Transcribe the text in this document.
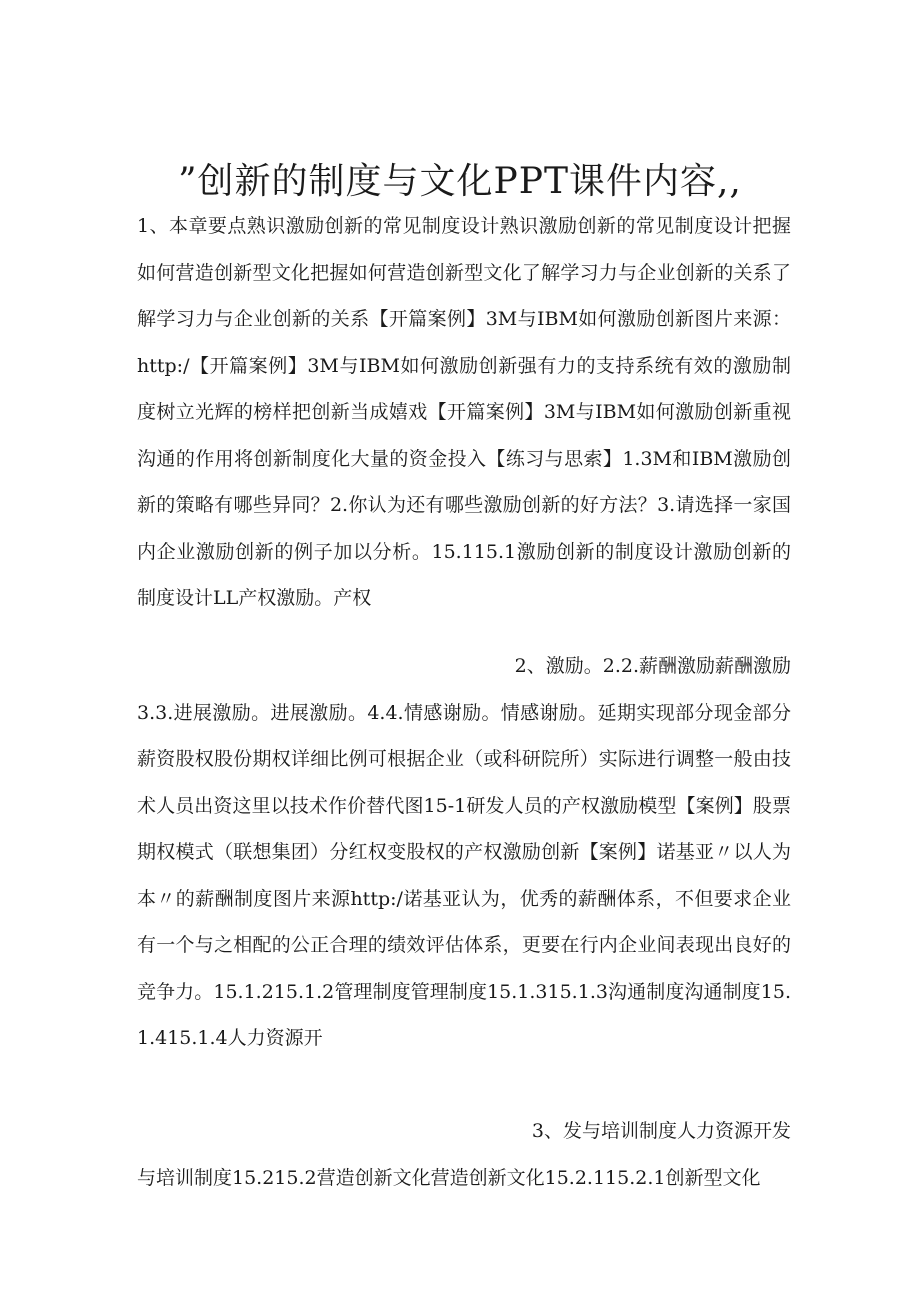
”创新的制度与文化PPT课件内容,,
1、本章要点熟识激励创新的常见制度设计熟识激励创新的常见制度设计把握如何营造创新型文化把握如何营造创新型文化了解学习力与企业创新的关系了解学习力与企业创新的关系【开篇案例】3M与IBM如何激励创新图片来源：http:/【开篇案例】3M与IBM如何激励创新强有力的支持系统有效的激励制度树立光辉的榜样把创新当成嬉戏【开篇案例】3M与IBM如何激励创新重视沟通的作用将创新制度化大量的资金投入【练习与思索】1.3M和IBM激励创新的策略有哪些异同？2.你认为还有哪些激励创新的好方法？3.请选择一家国内企业激励创新的例子加以分析。15.115.1激励创新的制度设计激励创新的制度设计LL产权激励。产权
2、激励。2.2.薪酬激励薪酬激励
3.3.进展激励。进展激励。4.4.情感谢励。情感谢励。延期实现部分现金部分薪资股权股份期权详细比例可根据企业（或科研院所）实际进行调整一般由技术人员出资这里以技术作价替代图15-1研发人员的产权激励模型【案例】股票期权模式（联想集团）分红权变股权的产权激励创新【案例】诺基亚〃以人为本〃的薪酬制度图片来源http:/诺基亚认为，优秀的薪酬体系，不但要求企业有一个与之相配的公正合理的绩效评估体系，更要在行内企业间表现出良好的竞争力。15.1.215.1.2管理制度管理制度15.1.315.1.3沟通制度沟通制度15.1.415.1.4人力资源开
3、发与培训制度人力资源开发
与培训制度15.215.2营造创新文化营造创新文化15.2.115.2.1创新型文化
